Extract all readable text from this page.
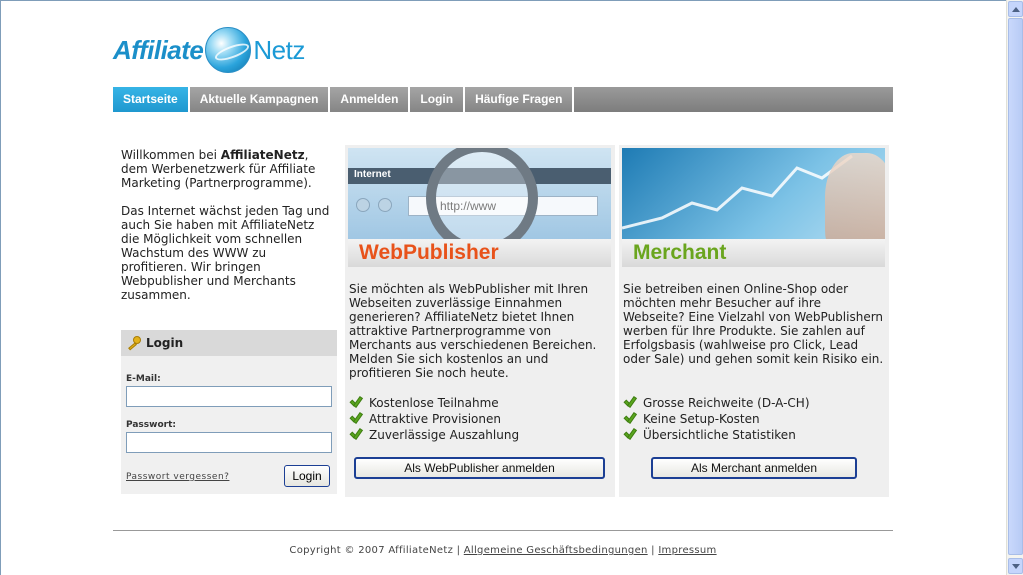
Affiliate Netz
Startseite	Aktuelle Kampagnen	Anmelden	Login	Häufige Fragen

Willkommen bei AffiliateNetz, dem Werbenetzwerk für Affiliate Marketing (Partnerprogramme).

Das Internet wächst jeden Tag und auch Sie haben mit AffiliateNetz die Möglichkeit vom schnellen Wachstum des WWW zu profitieren. Wir bringen Webpublisher und Merchants zusammen.

Login
E-Mail:
Passwort:
Passwort vergessen?	Login
Internet
http://www
WebPublisher
Sie möchten als WebPublisher mit Ihren Webseiten zuverlässige Einnahmen generieren? AffiliateNetz bietet Ihnen attraktive Partnerprogramme von Merchants aus verschiedenen Bereichen. Melden Sie sich kostenlos an und profitieren Sie noch heute.
Kostenlose Teilnahme
Attraktive Provisionen
Zuverlässige Auszahlung
Als WebPublisher anmelden
Merchant
Sie betreiben einen Online-Shop oder möchten mehr Besucher auf ihre Webseite? Eine Vielzahl von WebPublishern werben für Ihre Produkte. Sie zahlen auf Erfolgsbasis (wahlweise pro Click, Lead oder Sale) und gehen somit kein Risiko ein.
Grosse Reichweite (D-A-CH)
Keine Setup-Kosten
Übersichtliche Statistiken
Als Merchant anmelden
Copyright © 2007 AffiliateNetz | Allgemeine Geschäftsbedingungen | Impressum
